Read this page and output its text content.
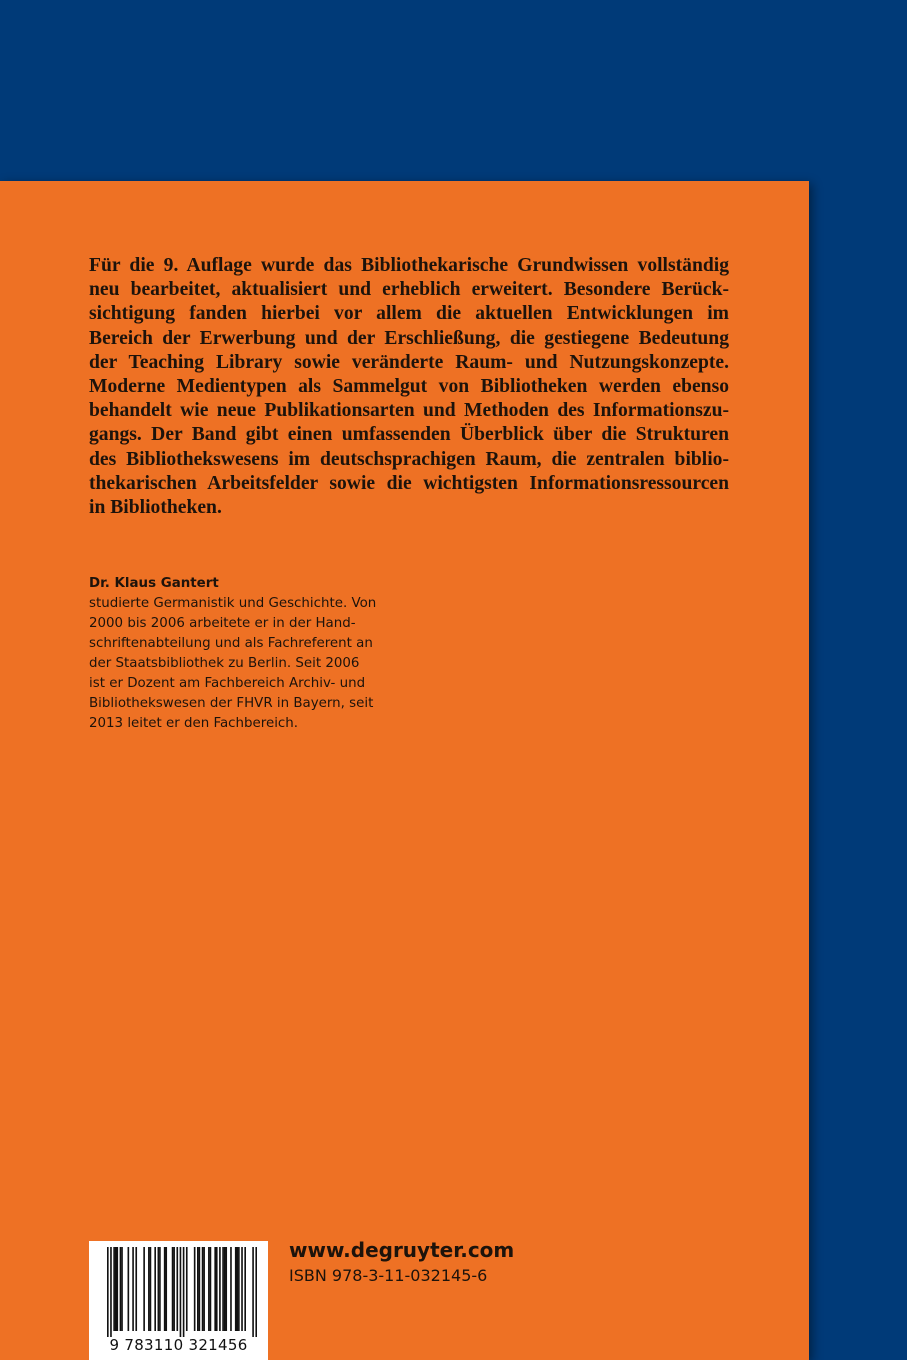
Für die 9. Auflage wurde das Bibliothekarische Grundwissen vollständig
neu bearbeitet, aktualisiert und erheblich erweitert. Besondere Berück-
sichtigung fanden hierbei vor allem die aktuellen Entwicklungen im
Bereich der Erwerbung und der Erschließung, die gestiegene Bedeutung
der Teaching Library sowie veränderte Raum- und Nutzungskonzepte.
Moderne Medientypen als Sammelgut von Bibliotheken werden ebenso
behandelt wie neue Publikationsarten und Methoden des Informationszu-
gangs. Der Band gibt einen umfassenden Überblick über die Strukturen
des Bibliothekswesens im deutschsprachigen Raum, die zentralen biblio-
thekarischen Arbeitsfelder sowie die wichtigsten Informationsressourcen
in Bibliotheken.
Dr. Klaus Gantert
studierte Germanistik und Geschichte. Von
2000 bis 2006 arbeitete er in der Hand-
schriftenabteilung und als Fachreferent an
der Staatsbibliothek zu Berlin. Seit 2006
ist er Dozent am Fachbereich Archiv- und
Bibliothekswesen der FHVR in Bayern, seit
2013 leitet er den Fachbereich.
9 783110 321456
www.degruyter.com
ISBN 978-3-11-032145-6
